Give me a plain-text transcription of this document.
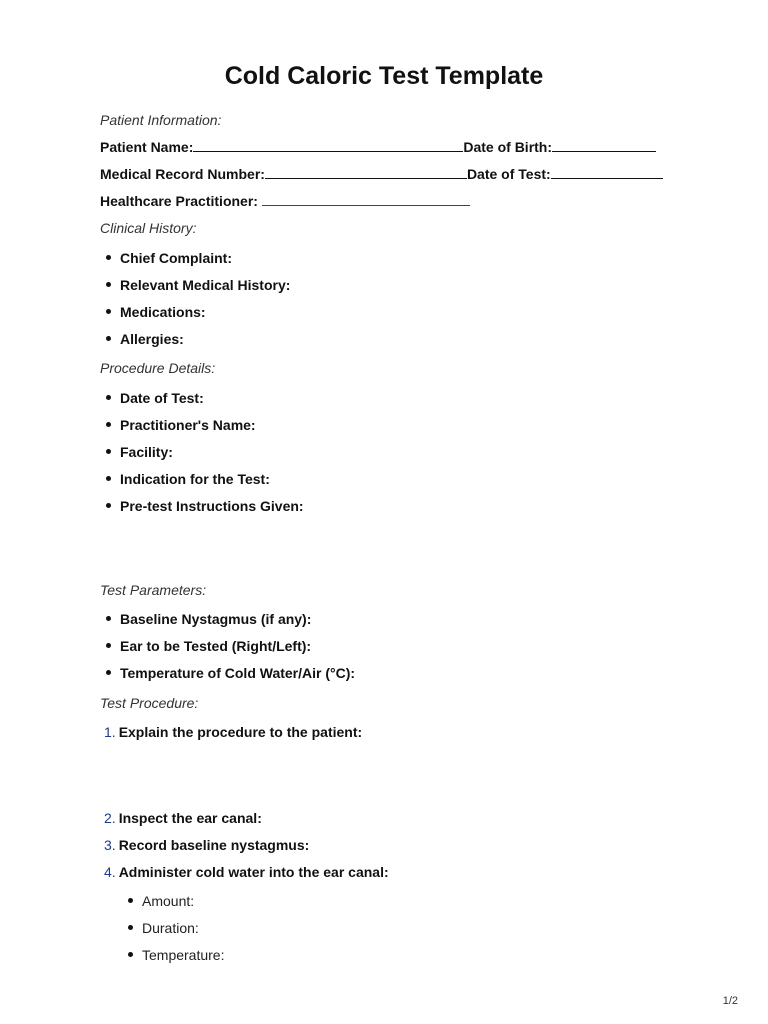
Cold Caloric Test Template
Patient Information:
Patient Name:	Date of Birth:
Medical Record Number:	Date of Test:
Healthcare Practitioner:
Clinical History:
Chief Complaint:
Relevant Medical History:
Medications:
Allergies:
Procedure Details:
Date of Test:
Practitioner's Name:
Facility:
Indication for the Test:
Pre-test Instructions Given:
Test Parameters:
Baseline Nystagmus (if any):
Ear to be Tested (Right/Left):
Temperature of Cold Water/Air (°C):
Test Procedure:
1. Explain the procedure to the patient:
2. Inspect the ear canal:
3. Record baseline nystagmus:
4. Administer cold water into the ear canal:
Amount:
Duration:
Temperature:
1/2
